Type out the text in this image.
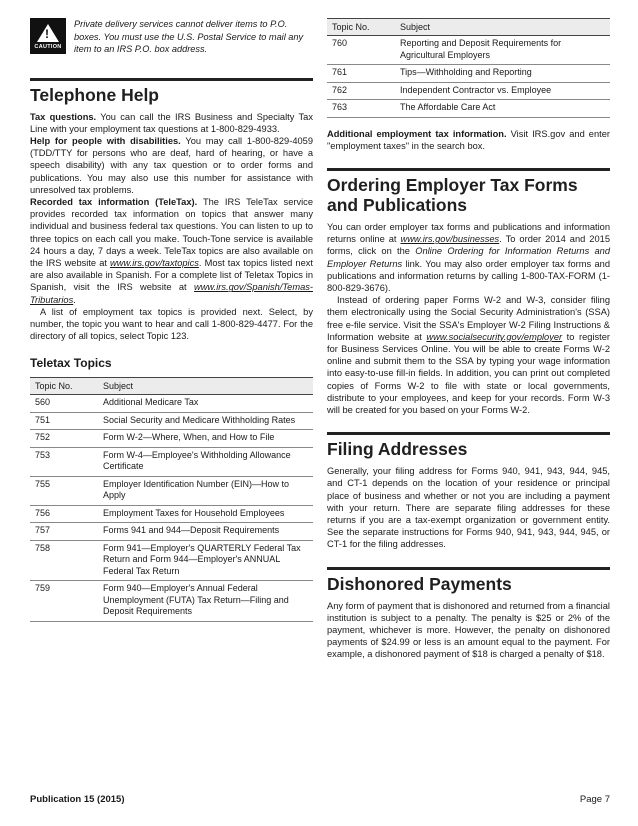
!
CAUTION

Private delivery services cannot deliver items to P.O. boxes. You must use the U.S. Postal Service to mail any item to an IRS P.O. box address.

Telephone Help

Tax questions. You can call the IRS Business and Specialty Tax Line with your employment tax questions at 1-800-829-4933.

Help for people with disabilities. You may call 1-800-829-4059 (TDD/TTY for persons who are deaf, hard of hearing, or have a speech disability) with any tax question or to order forms and publications. You may also use this number for assistance with unresolved tax problems.

Recorded tax information (TeleTax). The IRS TeleTax service provides recorded tax information on topics that answer many individual and business federal tax questions. You can listen to up to three topics on each call you make. Touch-Tone service is available 24 hours a day, 7 days a week. TeleTax topics are also available on the IRS website at www.irs.gov/taxtopics. Most tax topics listed next are also available in Spanish. For a complete list of Teletax Topics in Spanish, visit the IRS website at www.irs.gov/Spanish/Temas-Tributarios.

A list of employment tax topics is provided next. Select, by number, the topic you want to hear and call 1-800-829-4477. For the directory of all topics, select Topic 123.

Teletax Topics
Topic No.	Subject
560	Additional Medicare Tax
751	Social Security and Medicare Withholding Rates
752	Form W-2—Where, When, and How to File
753	Form W-4—Employee's Withholding Allowance Certificate
755	Employer Identification Number (EIN)—How to Apply
756	Employment Taxes for Household Employees
757	Forms 941 and 944—Deposit Requirements
758	Form 941—Employer's QUARTERLY Federal Tax Return and Form 944—Employer's ANNUAL Federal Tax Return
759	Form 940—Employer's Annual Federal Unemployment (FUTA) Tax Return—Filing and Deposit Requirements
Topic No.	Subject
760	Reporting and Deposit Requirements for Agricultural Employers
761	Tips—Withholding and Reporting
762	Independent Contractor vs. Employee
763	The Affordable Care Act

Additional employment tax information. Visit IRS.gov and enter "employment taxes" in the search box.

Ordering Employer Tax Forms and Publications

You can order employer tax forms and publications and information returns online at www.irs.gov/businesses. To order 2014 and 2015 forms, click on the Online Ordering for Information Returns and Employer Returns link. You may also order employer tax forms and publications and information returns by calling 1-800-TAX-FORM (1-800-829-3676).

Instead of ordering paper Forms W-2 and W-3, consider filing them electronically using the Social Security Administration's (SSA) free e-file service. Visit the SSA's Employer W-2 Filing Instructions & Information website at www.socialsecurity.gov/employer to register for Business Services Online. You will be able to create Forms W-2 online and submit them to the SSA by typing your wage information into easy-to-use fill-in fields. In addition, you can print out completed copies of Forms W-2 to file with state or local governments, distribute to your employees, and keep for your records. Form W-3 will be created for you based on your Forms W-2.

Filing Addresses

Generally, your filing address for Forms 940, 941, 943, 944, 945, and CT-1 depends on the location of your residence or principal place of business and whether or not you are including a payment with your return. There are separate filing addresses for these returns if you are a tax-exempt organization or government entity. See the separate instructions for Forms 940, 941, 943, 944, 945, or CT-1 for the filing addresses.

Dishonored Payments

Any form of payment that is dishonored and returned from a financial institution is subject to a penalty. The penalty is $25 or 2% of the payment, whichever is more. However, the penalty on dishonored payments of $24.99 or less is an amount equal to the payment. For example, a dishonored payment of $18 is charged a penalty of $18.

Publication 15 (2015)	Page 7
